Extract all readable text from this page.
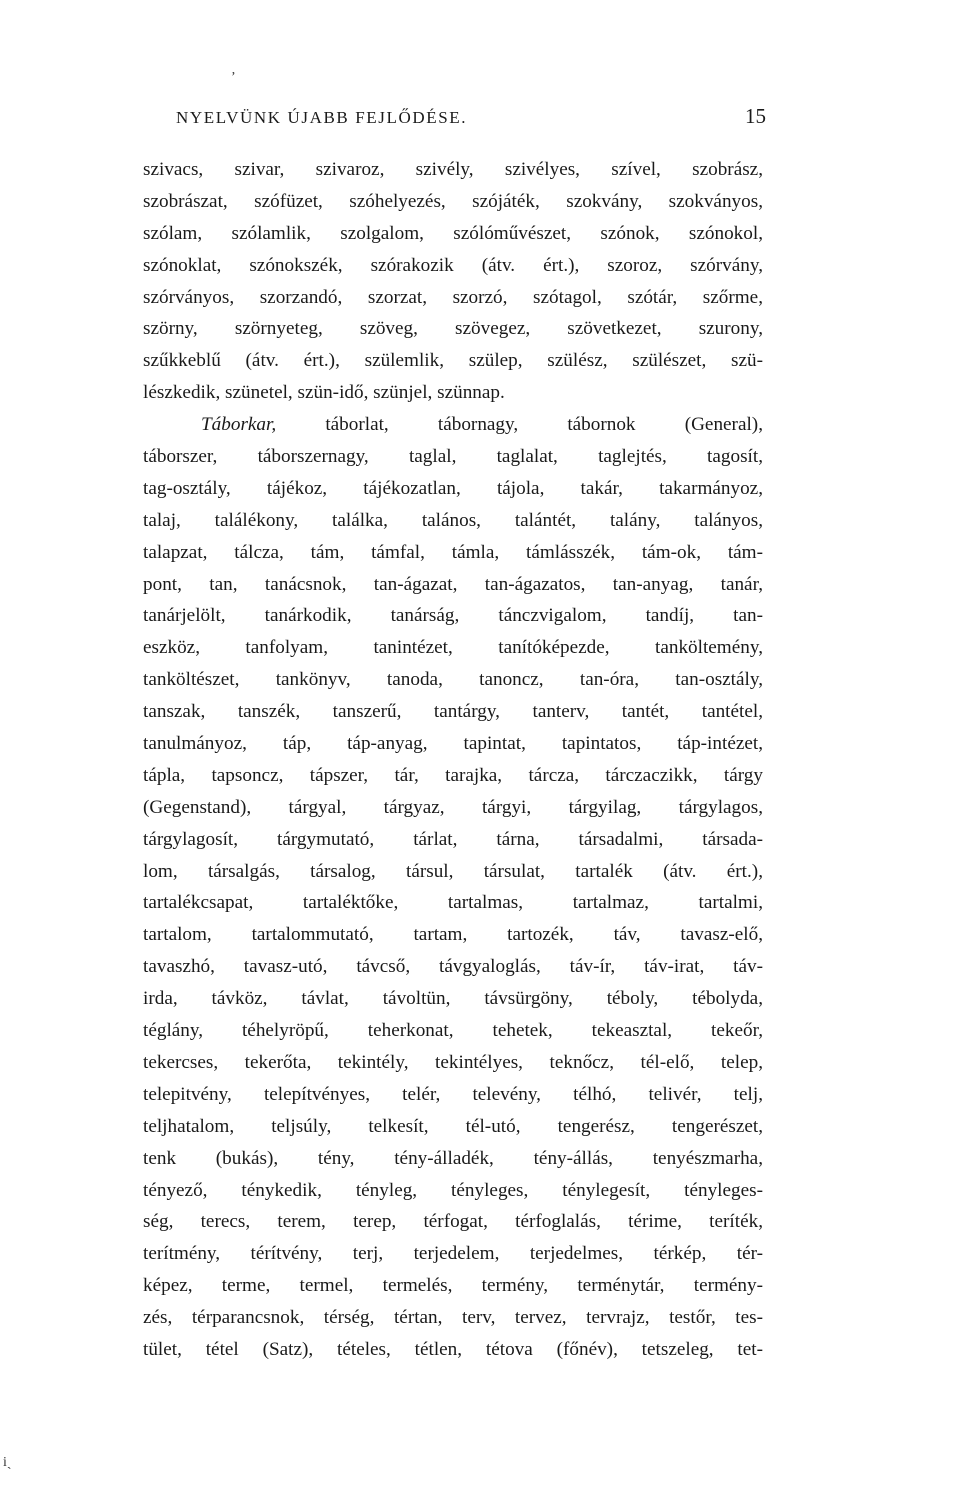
’
NYELVÜNK ÚJABB FEJLŐDÉSE.	15
szivacs, szivar, szivaroz, szivély, szivélyes, szível, szobrász,
szobrászat, szófüzet, szóhelyezés, szójáték, szokvány, szokványos,
szólam, szólamlik, szolgalom, szólóművészet, szónok, szónokol,
szónoklat, szónokszék, szórakozik (átv. ért.), szoroz, szórvány,
szórványos, szorzandó, szorzat, szorzó, szótagol, szótár, szőrme,
szörny, szörnyeteg, szöveg, szövegez, szövetkezet, szurony,
szűkkeblű (átv. ért.), szülemlik, szülep, szülész, szülészet, szü-
lészkedik, szünetel, szün-idő, szünjel, szünnap.
Táborkar, táborlat, tábornagy, tábornok (General),
táborszer, táborszernagy, taglal, taglalat, taglejtés, tagosít,
tag-osztály, tájékoz, tájékozatlan, tájola, takár, takarmányoz,
talaj, találékony, találka, talános, talántét, talány, talányos,
talapzat, tálcza, tám, támfal, támla, támlásszék, tám-ok, tám-
pont, tan, tanácsnok, tan-ágazat, tan-ágazatos, tan-anyag, tanár,
tanárjelölt, tanárkodik, tanárság, tánczvigalom, tandíj, tan-
eszköz, tanfolyam, tanintézet, tanítóképezde, tanköltemény,
tanköltészet, tankönyv, tanoda, tanoncz, tan-óra, tan-osztály,
tanszak, tanszék, tanszerű, tantárgy, tanterv, tantét, tantétel,
tanulmányoz, táp, táp-anyag, tapintat, tapintatos, táp-intézet,
tápla, tapsoncz, tápszer, tár, tarajka, tárcza, tárczaczikk, tárgy
(Gegenstand), tárgyal, tárgyaz, tárgyi, tárgyilag, tárgylagos,
tárgylagosít, tárgymutató, tárlat, tárna, társadalmi, társada-
lom, társalgás, társalog, társul, társulat, tartalék (átv. ért.),
tartalékcsapat, tartaléktőke, tartalmas, tartalmaz, tartalmi,
tartalom, tartalommutató, tartam, tartozék, táv, tavasz-elő,
tavaszhó, tavasz-utó, távcső, távgyaloglás, táv-ír, táv-irat, táv-
irda, távköz, távlat, távoltün, távsürgöny, téboly, tébolyda,
téglány, téhelyröpű, teherkonat, tehetek, tekeasztal, tekeőr,
tekercses, tekerőta, tekintély, tekintélyes, teknőcz, tél-elő, telep,
telepitvény, telepítvényes, telér, televény, télhó, telivér, telj,
teljhatalom, teljsúly, telkesít, tél-utó, tengerész, tengerészet,
tenk (bukás), tény, tény-álladék, tény-állás, tenyészmarha,
tényező, ténykedik, tényleg, tényleges, ténylegesít, tényleges-
ség, terecs, terem, terep, térfogat, térfoglalás, térime, teríték,
terítmény, térítvény, terj, terjedelem, terjedelmes, térkép, tér-
képez, terme, termel, termelés, termény, terménytár, termény-
zés, térparancsnok, térség, tértan, terv, tervez, tervrajz, testőr, tes-
tület, tétel (Satz), tételes, tétlen, tétova (főnév), tetszeleg, tet-
iˎ
